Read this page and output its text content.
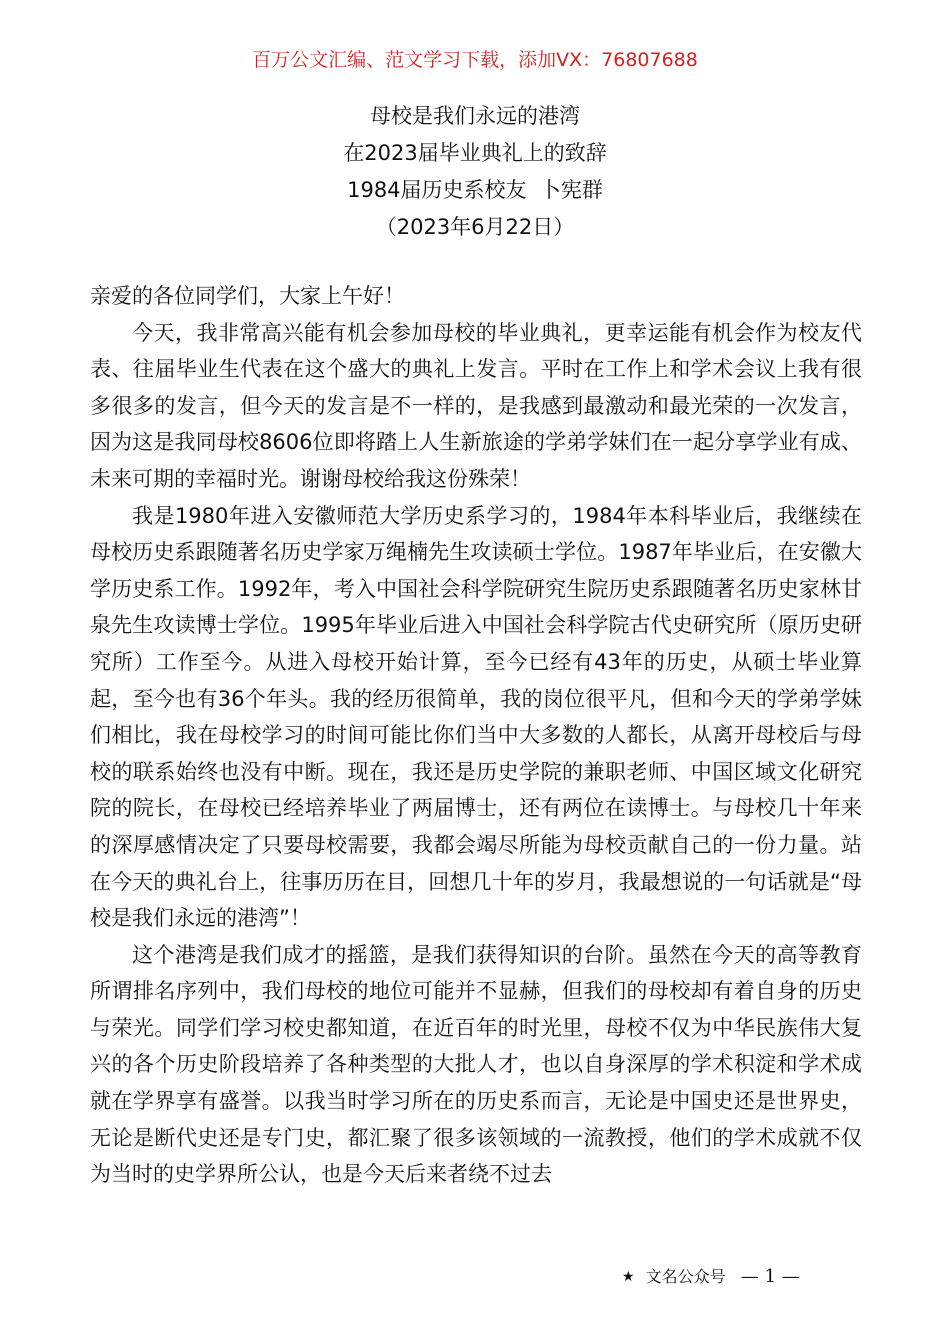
百万公文汇编、范文学习下载，添加VX：76807688
母校是我们永远的港湾
在2023届毕业典礼上的致辞
1984届历史系校友  卜宪群
（2023年6月22日）

亲爱的各位同学们，大家上午好！

今天，我非常高兴能有机会参加母校的毕业典礼，更幸运能有机会作为校友代表、往届毕业生代表在这个盛大的典礼上发言。平时在工作上和学术会议上我有很多很多的发言，但今天的发言是不一样的，是我感到最激动和最光荣的一次发言，因为这是我同母校8606位即将踏上人生新旅途的学弟学妹们在一起分享学业有成、未来可期的幸福时光。谢谢母校给我这份殊荣！

我是1980年进入安徽师范大学历史系学习的，1984年本科毕业后，我继续在母校历史系跟随著名历史学家万绳楠先生攻读硕士学位。1987年毕业后，在安徽大学历史系工作。1992年，考入中国社会科学院研究生院历史系跟随著名历史家林甘泉先生攻读博士学位。1995年毕业后进入中国社会科学院古代史研究所（原历史研究所）工作至今。从进入母校开始计算，至今已经有43年的历史，从硕士毕业算起，至今也有36个年头。我的经历很简单，我的岗位很平凡，但和今天的学弟学妹们相比，我在母校学习的时间可能比你们当中大多数的人都长，从离开母校后与母校的联系始终也没有中断。现在，我还是历史学院的兼职老师、中国区域文化研究院的院长，在母校已经培养毕业了两届博士，还有两位在读博士。与母校几十年来的深厚感情决定了只要母校需要，我都会竭尽所能为母校贡献自己的一份力量。站在今天的典礼台上，往事历历在目，回想几十年的岁月，我最想说的一句话就是“母校是我们永远的港湾”！

这个港湾是我们成才的摇篮，是我们获得知识的台阶。虽然在今天的高等教育所谓排名序列中，我们母校的地位可能并不显赫，但我们的母校却有着自身的历史与荣光。同学们学习校史都知道，在近百年的时光里，母校不仅为中华民族伟大复兴的各个历史阶段培养了各种类型的大批人才，也以自身深厚的学术积淀和学术成就在学界享有盛誉。以我当时学习所在的历史系而言，无论是中国史还是世界史，无论是断代史还是专门史，都汇聚了很多该领域的一流教授，他们的学术成就不仅为当时的史学界所公认，也是今天后来者绕不过去

★ 文名公众号 — 1 —
